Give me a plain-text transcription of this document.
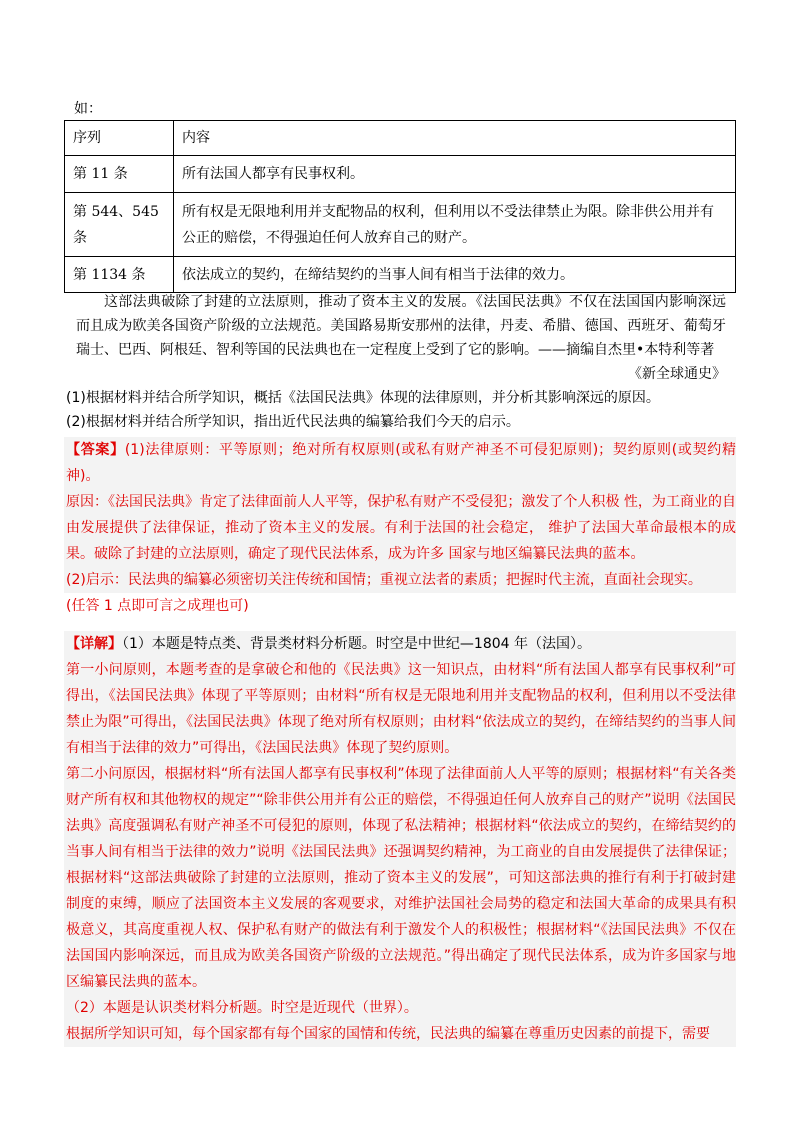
如：
序列	内容
第 11 条	所有法国人都享有民事权利。
第 544、545 条	所有权是无限地利用并支配物品的权利，但利用以不受法律禁止为限。除非供公用并有公正的赔偿，不得强迫任何人放弃自己的财产。
第 1134 条	依法成立的契约，在缔结契约的当事人间有相当于法律的效力。

这部法典破除了封建的立法原则，推动了资本主义的发展。《法国民法典》不仅在法国国内影响深远而且成为欧美各国资产阶级的立法规范。美国路易斯安那州的法律，丹麦、希腊、德国、西班牙、葡萄牙瑞士、巴西、阿根廷、智利等国的民法典也在一定程度上受到了它的影响。——摘编自杰里•本特利等著

《新全球通史》

(1)根据材料并结合所学知识，概括《法国民法典》体现的法律原则，并分析其影响深远的原因。

(2)根据材料并结合所学知识，指出近代民法典的编纂给我们今天的启示。

【答案】(1)法律原则：平等原则；绝对所有权原则(或私有财产神圣不可侵犯原则)；契约原则(或契约精神)。

原因：《法国民法典》肯定了法律面前人人平等，保护私有财产不受侵犯；激发了个人积极 性，为工商业的自由发展提供了法律保证，推动了资本主义的发展。有利于法国的社会稳定， 维护了法国大革命最根本的成果。破除了封建的立法原则，确定了现代民法体系，成为许多 国家与地区编纂民法典的蓝本。

(2)启示：民法典的编纂必须密切关注传统和国情；重视立法者的素质；把握时代主流，直面社会现实。

(任答 1 点即可言之成理也可)

【详解】（1）本题是特点类、背景类材料分析题。时空是中世纪—1804 年（法国）。

第一小问原则，本题考查的是拿破仑和他的《民法典》这一知识点，由材料“所有法国人都享有民事权利”可得出，《法国民法典》体现了平等原则；由材料“所有权是无限地利用并支配物品的权利，但利用以不受法律禁止为限”可得出，《法国民法典》体现了绝对所有权原则；由材料“依法成立的契约，在缔结契约的当事人间有相当于法律的效力”可得出，《法国民法典》体现了契约原则。

第二小问原因，根据材料“所有法国人都享有民事权利”体现了法律面前人人平等的原则；根据材料“有关各类财产所有权和其他物权的规定”“除非供公用并有公正的赔偿，不得强迫任何人放弃自己的财产”说明《法国民法典》高度强调私有财产神圣不可侵犯的原则，体现了私法精神；根据材料“依法成立的契约，在缔结契约的当事人间有相当于法律的效力”说明《法国民法典》还强调契约精神，为工商业的自由发展提供了法律保证；根据材料“这部法典破除了封建的立法原则，推动了资本主义的发展”，可知这部法典的推行有利于打破封建制度的束缚，顺应了法国资本主义发展的客观要求，对维护法国社会局势的稳定和法国大革命的成果具有积极意义，其高度重视人权、保护私有财产的做法有利于激发个人的积极性；根据材料“《法国民法典》不仅在法国国内影响深远，而且成为欧美各国资产阶级的立法规范。”得出确定了现代民法体系，成为许多国家与地区编纂民法典的蓝本。

（2）本题是认识类材料分析题。时空是近现代（世界）。

根据所学知识可知，每个国家都有每个国家的国情和传统，民法典的编纂在尊重历史因素的前提下，需要
